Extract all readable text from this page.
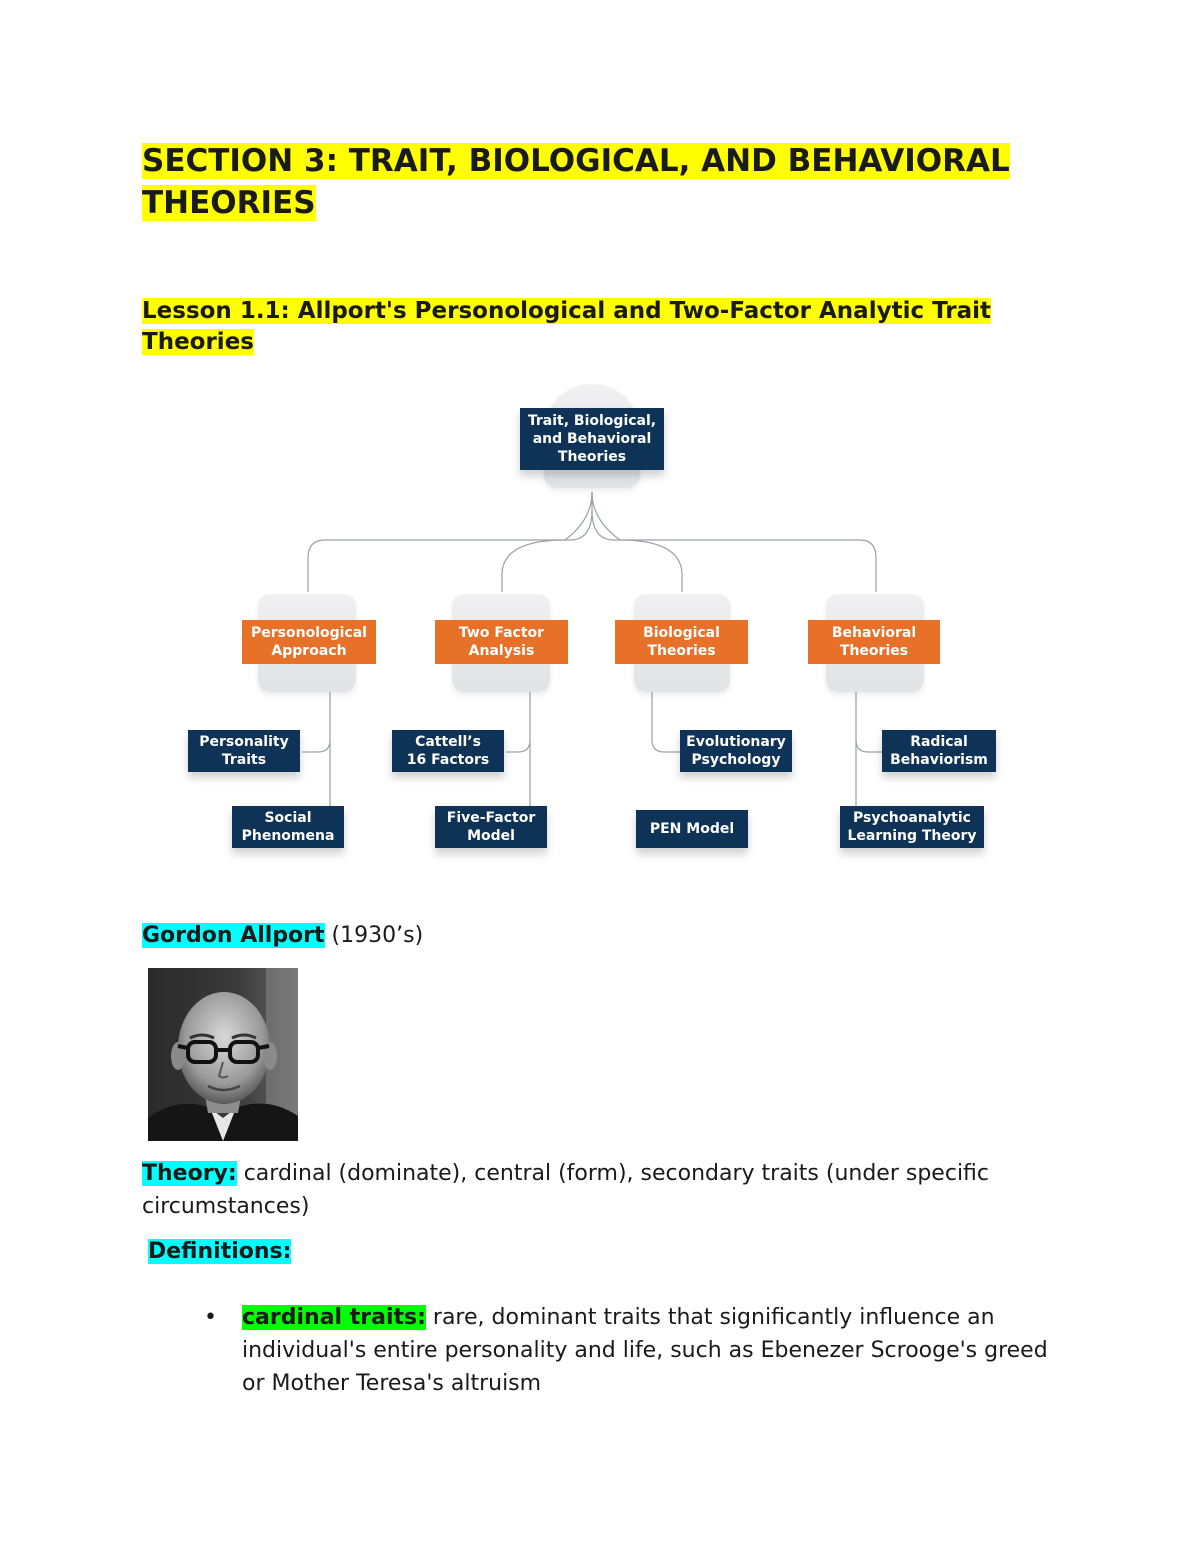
SECTION 3: TRAIT, BIOLOGICAL, AND BEHAVIORAL THEORIES
Lesson 1.1: Allport's Personological and Two-Factor Analytic Trait Theories
Trait, Biological,
and Behavioral
Theories
Personological
Approach
Two Factor
Analysis
Biological
Theories
Behavioral
Theories
Personality
Traits
Social
Phenomena
Cattell’s
16 Factors
Five-Factor
Model
Evolutionary
Psychology
PEN Model
Radical
Behaviorism
Psychoanalytic
Learning Theory

Gordon Allport (1930’s)

Theory: cardinal (dominate), central (form), secondary traits (under specific circumstances)

Definitions:

• cardinal traits: rare, dominant traits that significantly influence an individual's entire personality and life, such as Ebenezer Scrooge's greed or Mother Teresa's altruism
